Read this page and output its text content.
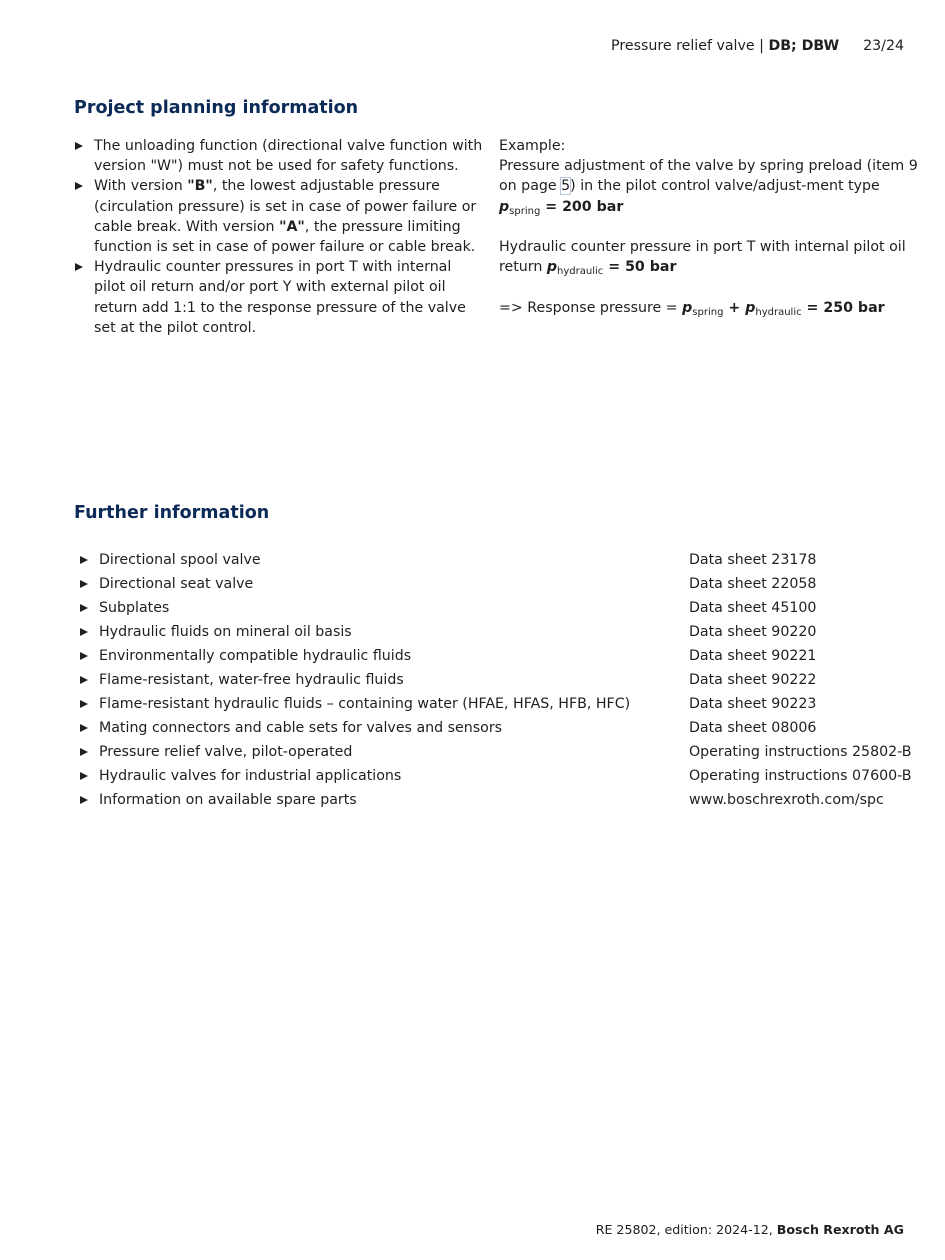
Pressure relief valve | DB; DBW 23/24
Project planning information
The unloading function (directional valve function with version "W") must not be used for safety functions.
With version "B", the lowest adjustable pressure (circulation pressure) is set in case of power failure or cable break. With version "A", the pressure limiting function is set in case of power failure or cable break.
Hydraulic counter pressures in port T with internal pilot oil return and/or port Y with external pilot oil return add 1:1 to the response pressure of the valve set at the pilot control.

Example:

Pressure adjustment of the valve by spring preload (item 9 on page 5) in the pilot control valve/adjust-ment type $p_{spring} = 200$ bar

Hydraulic counter pressure in port T with internal pilot oil return $p_{hydraulic} = 50$ bar

=> Response pressure = $p_{spring} + p_{hydraulic} = 250$ bar

Further information
Directional spool valve	Data sheet 23178
Directional seat valve	Data sheet 22058
Subplates	Data sheet 45100
Hydraulic fluids on mineral oil basis	Data sheet 90220
Environmentally compatible hydraulic fluids	Data sheet 90221
Flame-resistant, water-free hydraulic fluids	Data sheet 90222
Flame-resistant hydraulic fluids – containing water (HFAE, HFAS, HFB, HFC)	Data sheet 90223
Mating connectors and cable sets for valves and sensors	Data sheet 08006
Pressure relief valve, pilot-operated	Operating instructions 25802-B
Hydraulic valves for industrial applications	Operating instructions 07600-B
Information on available spare parts	www.boschrexroth.com/spc
RE 25802, edition: 2024-12, Bosch Rexroth AG
